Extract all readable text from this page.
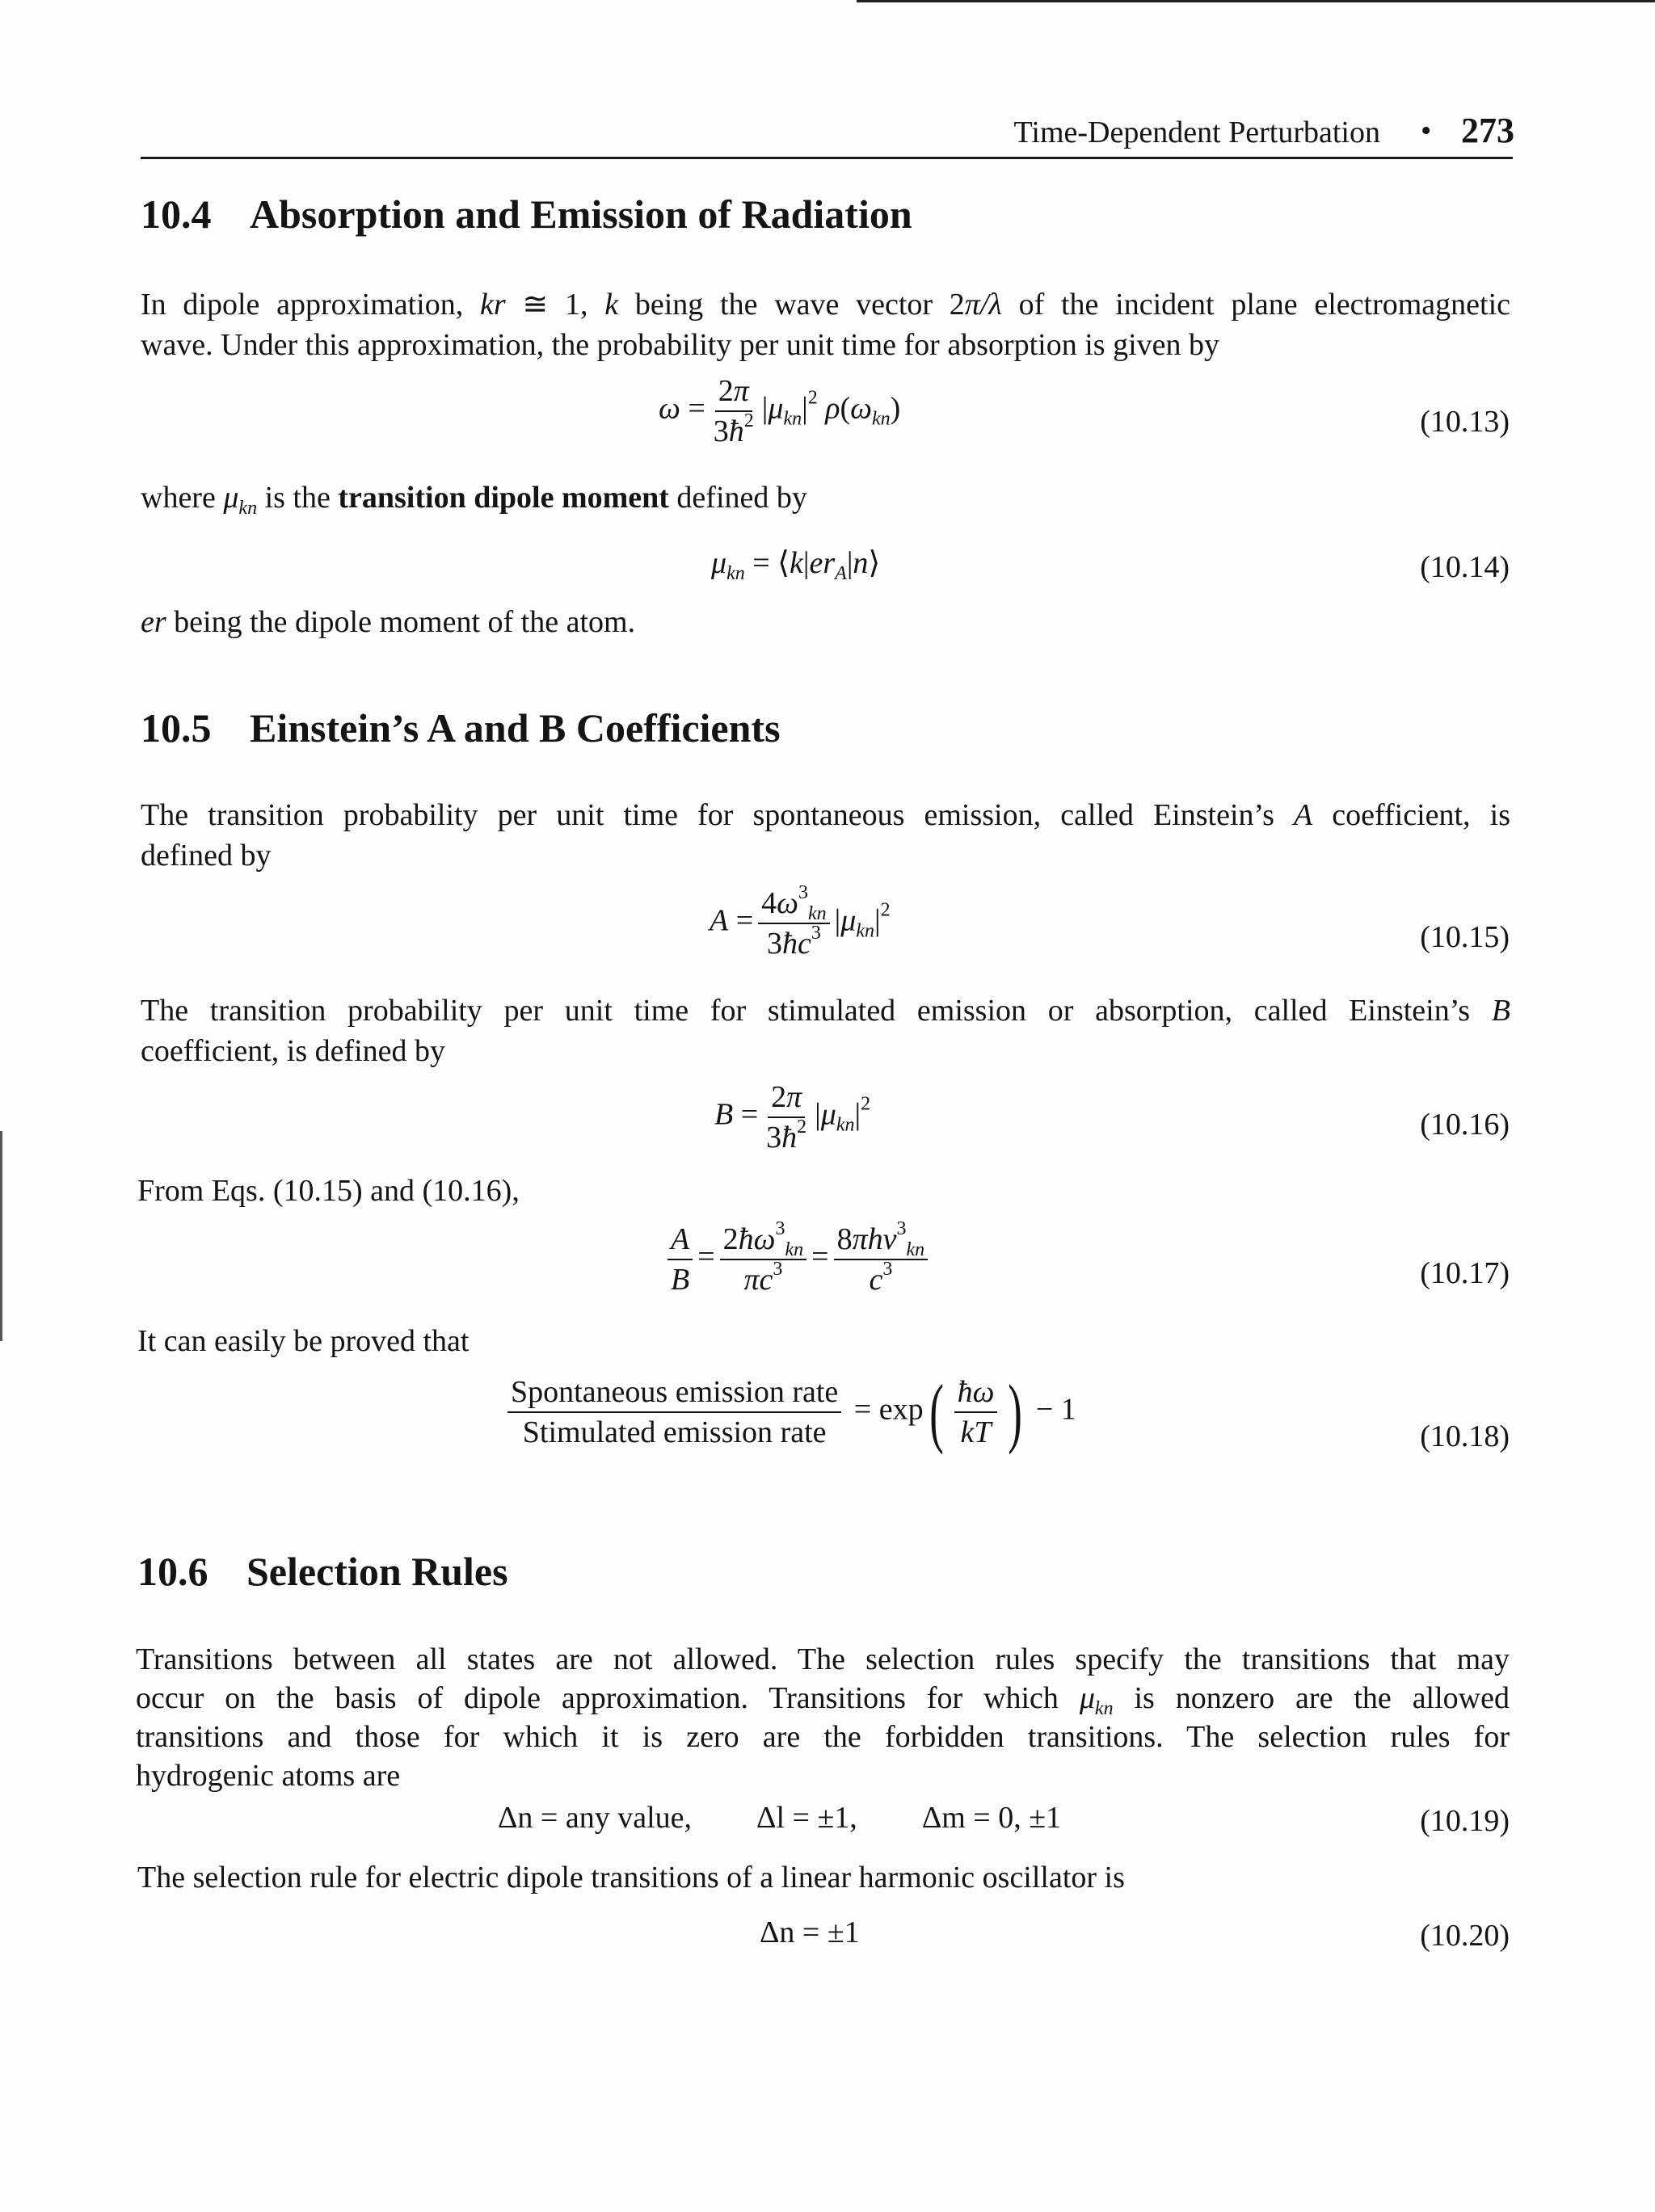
Time-Dependent Perturbation • 273
10.4 Absorption and Emission of Radiation
In dipole approximation, kr ≅ 1, k being the wave vector 2π/λ of the incident plane electromagnetic
wave. Under this approximation, the probability per unit time for absorption is given by
$\omega = \frac{2\pi}{3ħ^2} |\mu_{kn}|^2$ $\rho(\omega_{kn})$	(10.13)
where $\mu_{kn}$ is the transition dipole moment defined by
$\mu_{kn}$ = $⟨k|er_A|n⟩$	(10.14)
er being the dipole moment of the atom.
10.5 Einstein’s A and B Coefficients
The transition probability per unit time for spontaneous emission, called Einstein’s A coefficient, is
defined by
$A = \frac{4\omega^3_{kn}}{3ħc^3} |\mu_{kn}|^2$
(10.15)
The transition probability per unit time for stimulated emission or absorption, called Einstein’s B
coefficient, is defined by
$B = \frac{2\pi}{3ħ^2} |\mu_{kn}|^2$
(10.16)
From Eqs. (10.15) and (10.16),
$\frac{A}{B} = \frac{2ħ\omega^3_{kn}}{\pi c^3} = \frac{8\pi h\nu^3_{kn}}{c^3}$	(10.17)
It can easily be proved that
$\frac{\text{Spontaneous emission rate}}{\text{Stimulated emission rate}} = \exp( \frac{ħ\omega}{kT}$ ) − 1
(10.18)
10.6 Selection Rules
Transitions between all states are not allowed. The selection rules specify the transitions that may
occur on the basis of dipole approximation. Transitions for which $\mu_{kn}$ is nonzero are the allowed
transitions and those for which it is zero are the forbidden transitions. The selection rules for
hydrogenic atoms are
Δn = any value, Δl = ±1, Δm = 0, ±1	(10.19)
The selection rule for electric dipole transitions of a linear harmonic oscillator is
Δn = ±1	(10.20)
